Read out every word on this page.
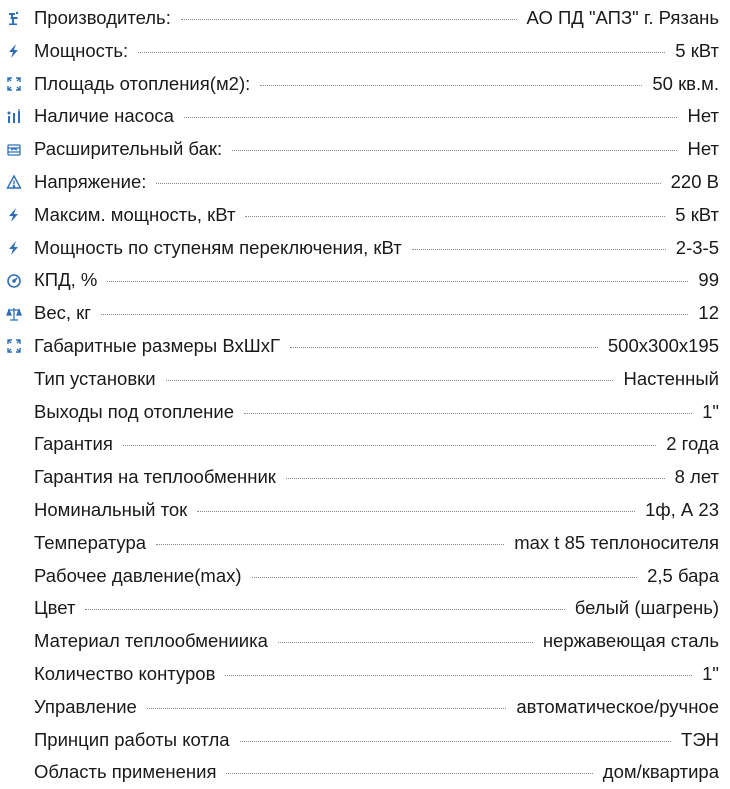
Производитель:	АО ПД "АПЗ" г. Рязань
Мощность:	5 кВт
Площадь отопления(м2):	50 кв.м.
Наличие насоса	Нет
Расширительный бак:	Нет
Напряжение:	220 В
Максим. мощность, кВт	5 кВт
Мощность по ступеням переключения, кВт	2-3-5
КПД, %	99
Вес, кг	12
Габаритные размеры ВхШхГ	500х300х195
Тип установки	Настенный
Выходы под отопление	1"
Гарантия	2 года
Гарантия на теплообменник	8 лет
Номинальный ток	1ф, А 23
Температура	max t 85 теплоносителя
Рабочее давление(max)	2,5 бара
Цвет	белый (шагрень)
Материал теплообмениика	нержавеющая сталь
Количество контуров	1"
Управление	автоматическое/ручное
Принцип работы котла	ТЭН
Область применения	дом/квартира
